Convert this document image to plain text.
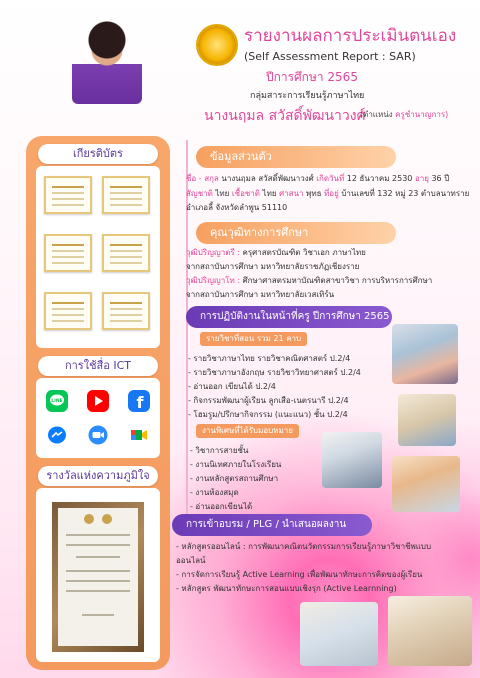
รายงานผลการประเมินตนเอง
(Self Assessment Report : SAR)
ปีการศึกษา 2565
กลุ่มสาระการเรียนรู้ภาษาไทย
นางนฤมล สวัสดิ์พัฒนาวงศ์
(ตำแหน่ง ครูชำนาญการ)
เกียรติบัตร
การใช้สื่อ ICT
LINE	f
รางวัลแห่งความภูมิใจ
ข้อมูลส่วนตัว
ชื่อ - สกุล นางนฤมล สวัสดิ์พัฒนาวงศ์ เกิดวันที่ 12 ธันวาคม 2530 อายุ 36 ปี
สัญชาติ ไทย เชื้อชาติ ไทย ศาสนา พุทธ ที่อยู่ บ้านเลขที่ 132 หมู่ 23 ตำบลนาทราย
อำเภอลี้ จังหวัดลำพูน 51110
คุณวุฒิทางการศึกษา
วุฒิปริญญาตรี : ครุศาสตรบัณฑิต วิชาเอก ภาษาไทย
จากสถาบันการศึกษา มหาวิทยาลัยราชภัฏเชียงราย
วุฒิปริญญาโท : ศึกษาศาสตรมหาบัณฑิตสาขาวิชา การบริหารการศึกษา
จากสถาบันการศึกษา มหาวิทยาลัยเวสเทิร์น
การปฏิบัติงานในหน้าที่ครู ปีการศึกษา 2565
รายวิชาที่สอน รวม 21 คาบ
- รายวิชาภาษาไทย รายวิชาคณิตศาสตร์ ป.2/4
- รายวิชาภาษาอังกฤษ รายวิชาวิทยาศาสตร์ ป.2/4
- อ่านออก เขียนได้ ป.2/4
- กิจกรรมพัฒนาผู้เรียน ลูกเสือ-เนตรนารี ป.2/4
- โฮมรูม/ปรึกษากิจกรรม (แนะแนว) ชั้น ป.2/4
งานพิเศษที่ได้รับมอบหมาย
- วิชาการสายชั้น
- งานนิเทศภายในโรงเรียน
- งานหลักสูตรสถานศึกษา
- งานห้องสมุด
- อ่านออกเขียนได้
การเข้าอบรม / PLG / นำเสนอผลงาน
- หลักสูตรออนไลน์ : การพัฒนาคณิตนวัตกรรมการเรียนรู้ภาษาวิชาชีพแบบ
ออนไลน์
- การจัดการเรียนรู้ Active Learning เพื่อพัฒนาทักษะการคิดของผู้เรียน
- หลักสูตร พัฒนาทักษะการสอนแบบเชิงรุก (Active Learnning)
